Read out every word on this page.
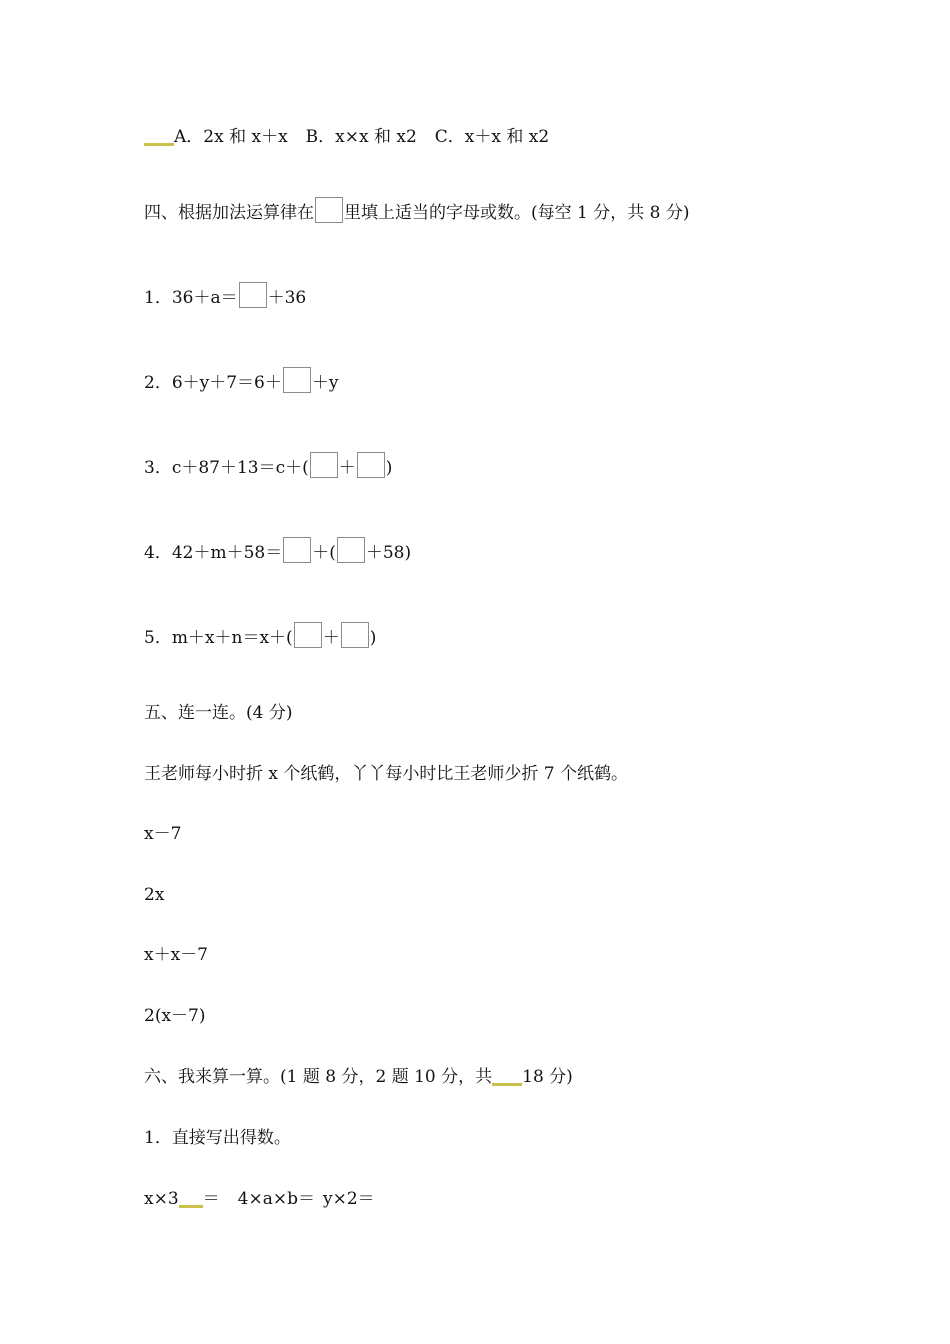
A．2x 和 x＋x B．x×x 和 x2 C．x＋x 和 x2
四、根据加法运算律在 里填上适当的字母或数。(每空 1 分，共 8 分)
1．36＋a＝ ＋36
2．6＋y＋7＝6＋ ＋y
3．c＋87＋13＝c＋( ＋ )
4．42＋m＋58＝ ＋( ＋58)
5．m＋x＋n＝x＋( ＋ )
五、连一连。(4 分)
王老师每小时折 x 个纸鹤，丫丫每小时比王老师少折 7 个纸鹤。
x－7
2x
x＋x－7
2(x－7)
六、我来算一算。(1 题 8 分，2 题 10 分，共 18 分)
1．直接写出得数。
x×3 ＝ 4×a×b＝ y×2＝
